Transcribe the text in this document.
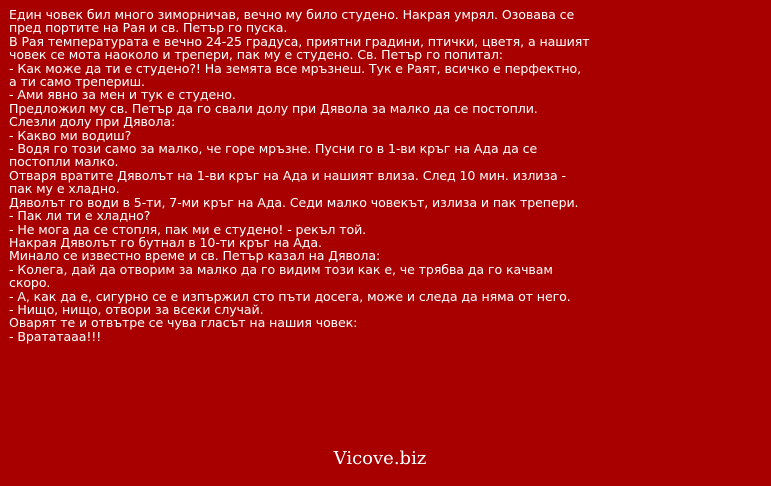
Един човек бил много зиморничав, вечно му било студено. Накрая умрял. Озовава се
пред портите на Рая и св. Петър го пуска.
В Рая температурата е вечно 24-25 градуса, приятни градини, птички, цветя, а нашият
човек се мота наоколо и трепери, пак му е студено. Св. Петър го попитал:
- Как може да ти е студено?! На земята все мръзнеш. Тук е Раят, всичко е перфектно,
а ти само трепериш.
- Ами явно за мен и тук е студено.
Предложил му св. Петър да го свали долу при Дявола за малко да се постопли.
Слезли долу при Дявола:
- Какво ми водиш?
- Водя го този само за малко, че горе мръзне. Пусни го в 1-ви кръг на Ада да се
постопли малко.
Отваря вратите Дяволът на 1-ви кръг на Ада и нашият влиза. След 10 мин. излиза -
пак му е хладно.
Дяволът го води в 5-ти, 7-ми кръг на Ада. Седи малко човекът, излиза и пак трепери.
- Пак ли ти е хладно?
- Не мога да се стопля, пак ми е студено! - рекъл той.
Накрая Дяволът го бутнал в 10-ти кръг на Ада.
Минало се известно време и св. Петър казал на Дявола:
- Колега, дай да отворим за малко да го видим този как е, че трябва да го качвам
скоро.
- А, как да е, сигурно се е изпържил сто пъти досега, може и следа да няма от него.
- Нищо, нищо, отвори за всеки случай.
Оварят те и отвътре се чува гласът на нашия човек:
- Врататааа!!!
Vicove.biz
